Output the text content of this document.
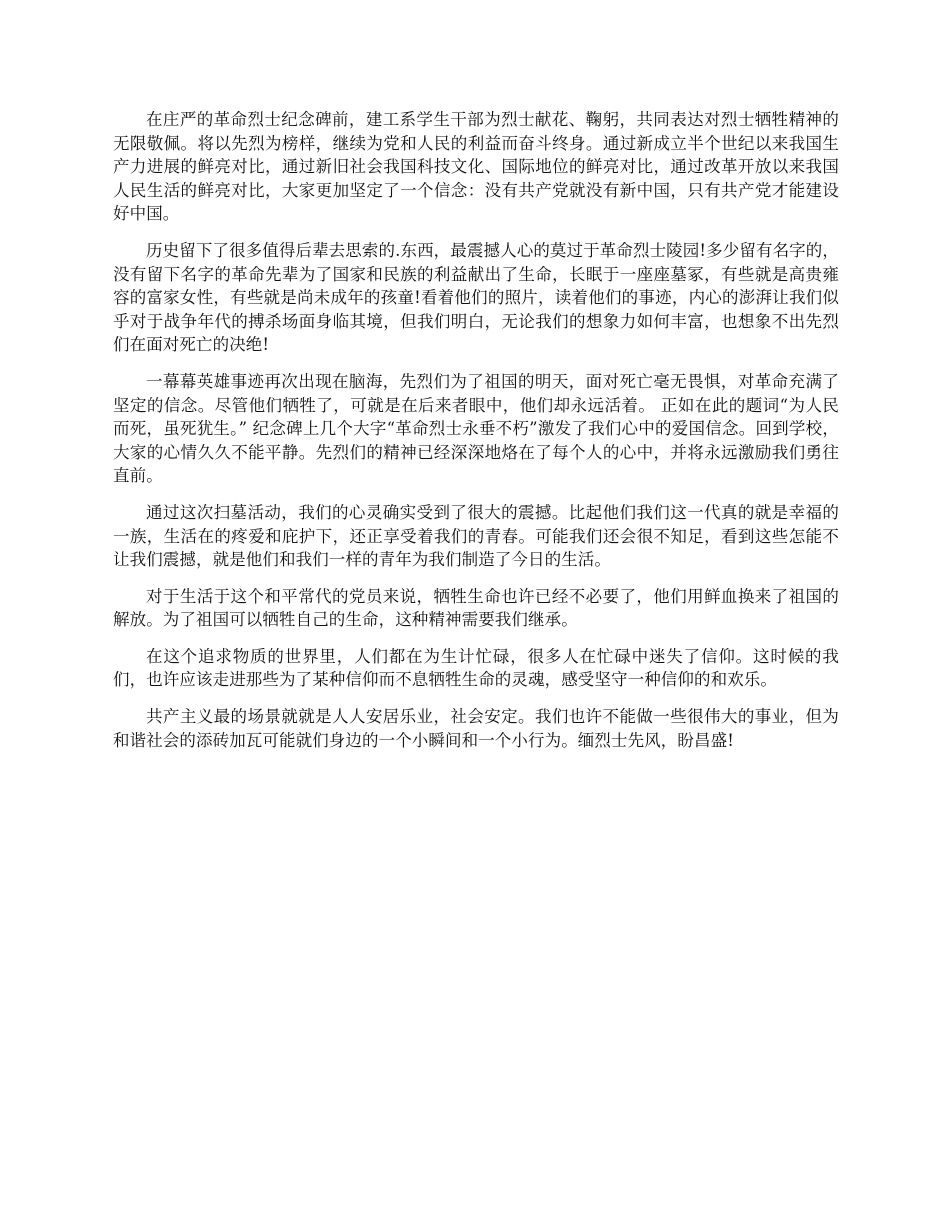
在庄严的革命烈士纪念碑前，建工系学生干部为烈士献花、鞠躬，共同表达对烈士牺牲精神的无限敬佩。将以先烈为榜样，继续为党和人民的利益而奋斗终身。通过新成立半个世纪以来我国生产力进展的鲜亮对比，通过新旧社会我国科技文化、国际地位的鲜亮对比，通过改革开放以来我国人民生活的鲜亮对比，大家更加坚定了一个信念：没有共产党就没有新中国，只有共产党才能建设好中国。

历史留下了很多值得后辈去思索的.东西，最震撼人心的莫过于革命烈士陵园!多少留有名字的，没有留下名字的革命先辈为了国家和民族的利益献出了生命，长眠于一座座墓冢，有些就是高贵雍容的富家女性，有些就是尚未成年的孩童!看着他们的照片，读着他们的事迹，内心的澎湃让我们似乎对于战争年代的搏杀场面身临其境，但我们明白，无论我们的想象力如何丰富，也想象不出先烈们在面对死亡的决绝!

一幕幕英雄事迹再次出现在脑海，先烈们为了祖国的明天，面对死亡毫无畏惧，对革命充满了坚定的信念。尽管他们牺牲了，可就是在后来者眼中，他们却永远活着。 正如在此的题词“为人民而死，虽死犹生。” 纪念碑上几个大字“革命烈士永垂不朽”激发了我们心中的爱国信念。回到学校，大家的心情久久不能平静。先烈们的精神已经深深地烙在了每个人的心中，并将永远激励我们勇往直前。

通过这次扫墓活动，我们的心灵确实受到了很大的震撼。比起他们我们这一代真的就是幸福的一族，生活在的疼爱和庇护下，还正享受着我们的青春。可能我们还会很不知足，看到这些怎能不让我们震撼，就是他们和我们一样的青年为我们制造了今日的生活。

对于生活于这个和平常代的党员来说，牺牲生命也许已经不必要了，他们用鲜血换来了祖国的解放。为了祖国可以牺牲自己的生命，这种精神需要我们继承。

在这个追求物质的世界里，人们都在为生计忙碌，很多人在忙碌中迷失了信仰。这时候的我们，也许应该走进那些为了某种信仰而不息牺牲生命的灵魂，感受坚守一种信仰的和欢乐。

共产主义最的场景就就是人人安居乐业，社会安定。我们也许不能做一些很伟大的事业，但为和谐社会的添砖加瓦可能就们身边的一个小瞬间和一个小行为。缅烈士先风，盼昌盛!
